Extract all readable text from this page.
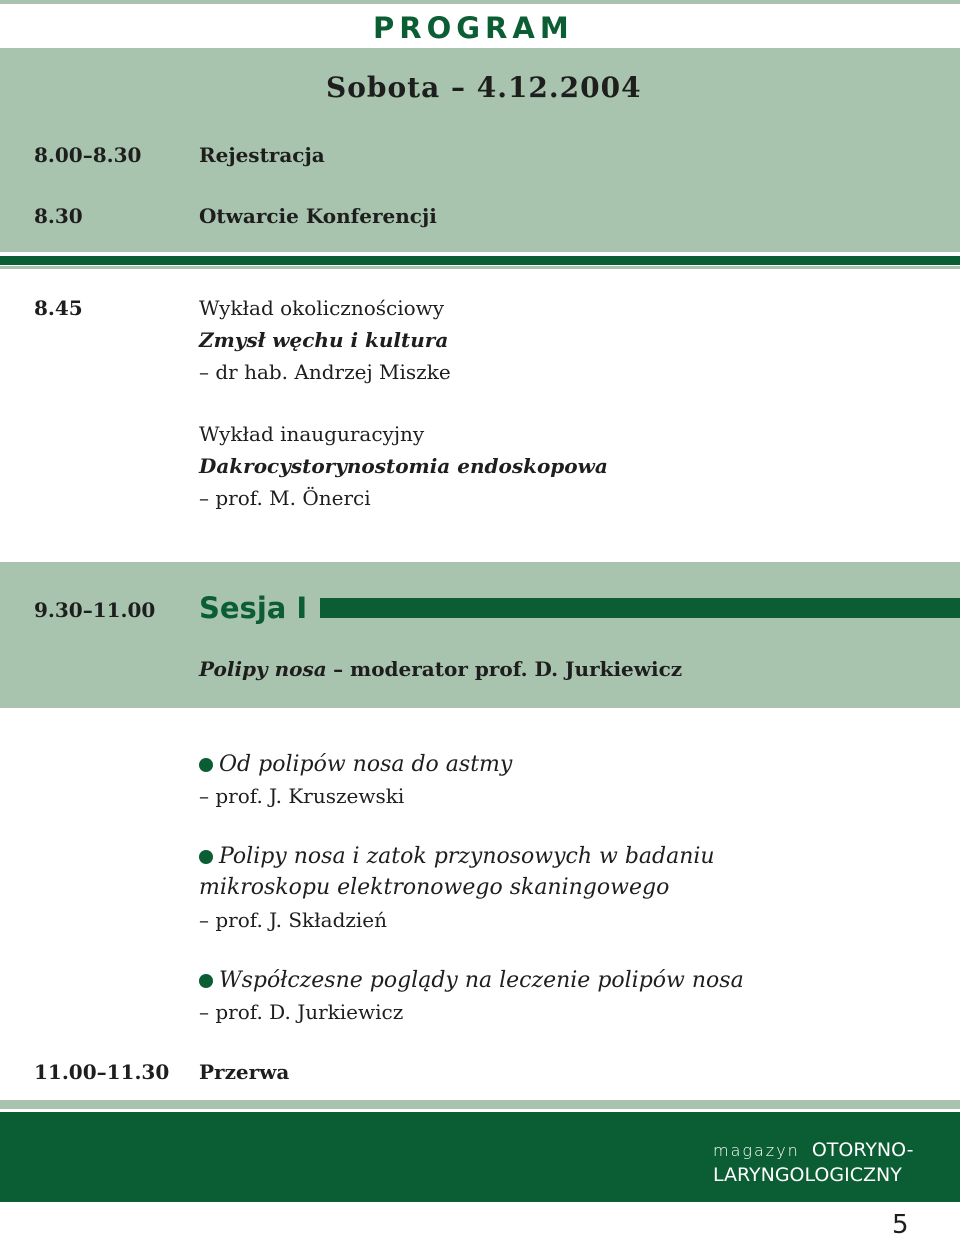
PROGRAM
Sobota – 4.12.2004
8.00–8.30	Rejestracja
8.30	Otwarcie Konferencji
8.45	Wykład okolicznościowy
Zmysł węchu i kultura
– dr hab. Andrzej Miszke
Wykład inauguracyjny
Dakrocystorynostomia endoskopowa
– prof. M. Önerci
9.30–11.00 Sesja I
Polipy nosa – moderator prof. D. Jurkiewicz
Od polipów nosa do astmy
– prof. J. Kruszewski
Polipy nosa i zatok przynosowych w badaniu
mikroskopu elektronowego skaningowego
– prof. J. Składzień
Współczesne poglądy na leczenie polipów nosa
– prof. D. Jurkiewicz
11.00–11.30 Przerwa
magazyn OTORYNO-
LARYNGOLOGICZNY
5
